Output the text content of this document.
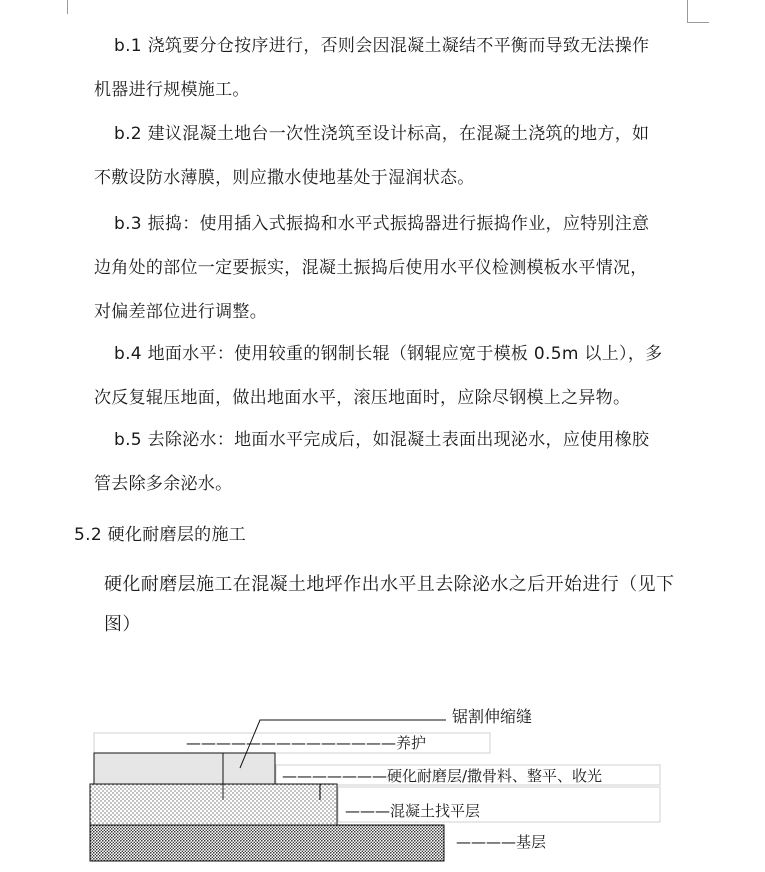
b.1 浇筑要分仓按序进行，否则会因混凝土凝结不平衡而导致无法操作
机器进行规模施工。
b.2 建议混凝土地台一次性浇筑至设计标高，在混凝土浇筑的地方，如
不敷设防水薄膜，则应撒水使地基处于湿润状态。
b.3 振捣：使用插入式振捣和水平式振捣器进行振捣作业，应特别注意
边角处的部位一定要振实，混凝土振捣后使用水平仪检测模板水平情况，
对偏差部位进行调整。
b.4 地面水平：使用较重的钢制长辊（钢辊应宽于模板 0.5m 以上），多
次反复辊压地面，做出地面水平，滚压地面时，应除尽钢模上之异物。
b.5 去除泌水：地面水平完成后，如混凝土表面出现泌水，应使用橡胶
管去除多余泌水。
5.2 硬化耐磨层的施工
硬化耐磨层施工在混凝土地坪作出水平且去除泌水之后开始进行（见下
图）
锯割伸缩缝
——————————————养护
———————硬化耐磨层/撒骨料、整平、收光
———混凝土找平层
————基层
